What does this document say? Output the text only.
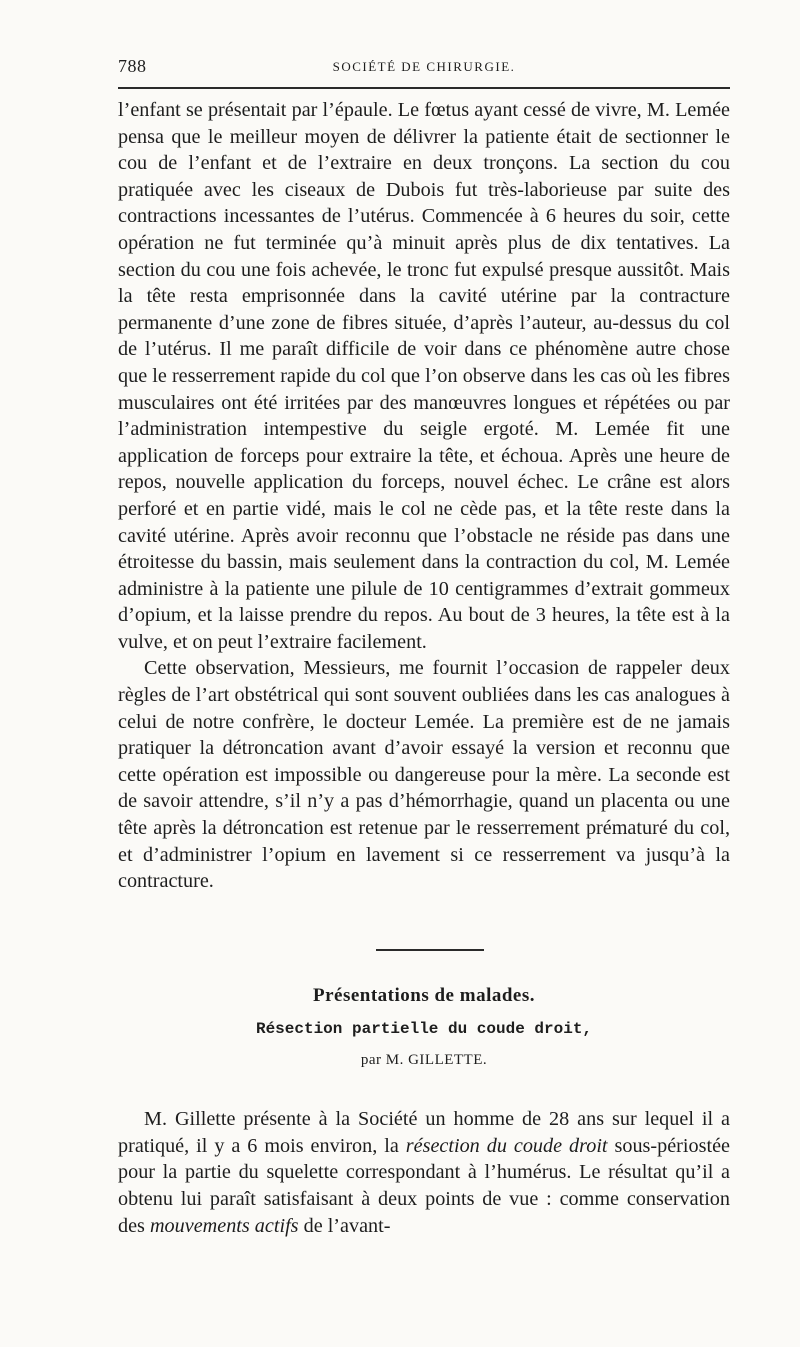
788	SOCIÉTÉ DE CHIRURGIE.

l’enfant se présentait par l’épaule. Le fœtus ayant cessé de vivre, M. Lemée pensa que le meilleur moyen de délivrer la patiente était de sectionner le cou de l’enfant et de l’extraire en deux tronçons. La section du cou pratiquée avec les ciseaux de Dubois fut très-laborieuse par suite des contractions incessantes de l’utérus. Commencée à 6 heures du soir, cette opération ne fut terminée qu’à minuit après plus de dix tentatives. La section du cou une fois achevée, le tronc fut expulsé presque aussitôt. Mais la tête resta emprisonnée dans la cavité utérine par la contracture permanente d’une zone de fibres située, d’après l’auteur, au-dessus du col de l’utérus. Il me paraît difficile de voir dans ce phénomène autre chose que le resserrement rapide du col que l’on observe dans les cas où les fibres musculaires ont été irritées par des manœuvres longues et répétées ou par l’administration intempestive du seigle ergoté. M. Lemée fit une application de forceps pour extraire la tête, et échoua. Après une heure de repos, nouvelle application du forceps, nouvel échec. Le crâne est alors perforé et en partie vidé, mais le col ne cède pas, et la tête reste dans la cavité utérine. Après avoir reconnu que l’obstacle ne réside pas dans une étroitesse du bassin, mais seulement dans la contraction du col, M. Lemée administre à la patiente une pilule de 10 centigrammes d’extrait gommeux d’opium, et la laisse prendre du repos. Au bout de 3 heures, la tête est à la vulve, et on peut l’extraire facilement.

Cette observation, Messieurs, me fournit l’occasion de rappeler deux règles de l’art obstétrical qui sont souvent oubliées dans les cas analogues à celui de notre confrère, le docteur Lemée. La première est de ne jamais pratiquer la détroncation avant d’avoir essayé la version et reconnu que cette opération est impossible ou dangereuse pour la mère. La seconde est de savoir attendre, s’il n’y a pas d’hémorrhagie, quand un placenta ou une tête après la détroncation est retenue par le resserrement prématuré du col, et d’administrer l’opium en lavement si ce resserrement va jusqu’à la contracture.

Présentations de malades.
Résection partielle du coude droit,
par M. GILLETTE.

M. Gillette présente à la Société un homme de 28 ans sur lequel il a pratiqué, il y a 6 mois environ, la résection du coude droit sous-périostée pour la partie du squelette correspondant à l’humérus. Le résultat qu’il a obtenu lui paraît satisfaisant à deux points de vue : comme conservation des mouvements actifs de l’avant-
